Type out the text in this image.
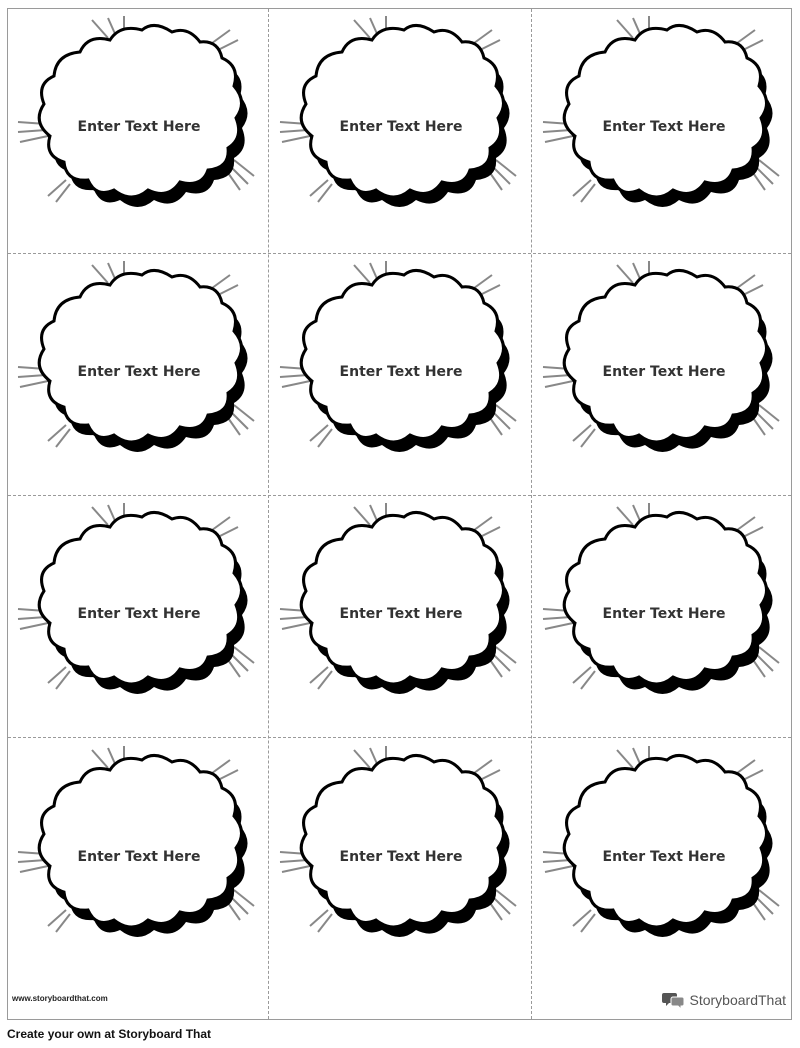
Enter Text Here	Enter Text Here	Enter Text Here
Enter Text Here	Enter Text Here	Enter Text Here
Enter Text Here	Enter Text Here	Enter Text Here
Enter Text Here	Enter Text Here	Enter Text Here
www.storyboardthat.com	StoryboardThat
Create your own at Storyboard That
